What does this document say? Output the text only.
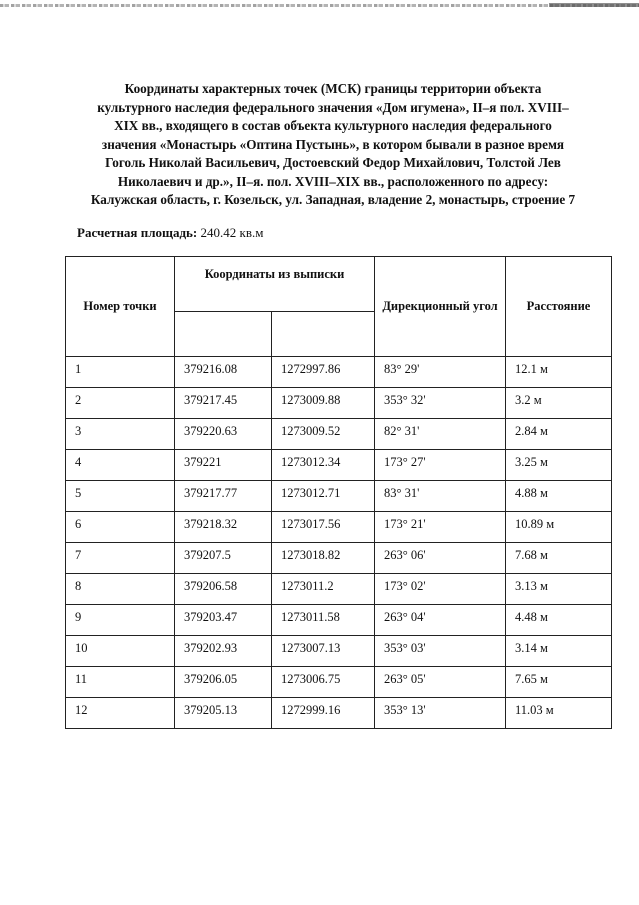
Координаты характерных точек (МСК) границы территории объекта
культурного наследия федерального значения «Дом игумена», II–я пол. XVIII–
XIX вв., входящего в состав объекта культурного наследия федерального
значения «Монастырь «Оптина Пустынь», в котором бывали в разное время
Гоголь Николай Васильевич, Достоевский Федор Михайлович, Толстой Лев
Николаевич и др.», II–я. пол. XVIII–XIX вв., расположенного по адресу:
Калужская область, г. Козельск, ул. Западная, владение 2, монастырь, строение 7
Расчетная площадь: 240.42 кв.м
Номер точки	Координаты из выписки		Дирекционный угол	Расстояние

1	379216.08	1272997.86	83° 29'	12.1 м
2	379217.45	1273009.88	353° 32'	3.2 м
3	379220.63	1273009.52	82° 31'	2.84 м
4	379221	1273012.34	173° 27'	3.25 м
5	379217.77	1273012.71	83° 31'	4.88 м
6	379218.32	1273017.56	173° 21'	10.89 м
7	379207.5	1273018.82	263° 06'	7.68 м
8	379206.58	1273011.2	173° 02'	3.13 м
9	379203.47	1273011.58	263° 04'	4.48 м
10	379202.93	1273007.13	353° 03'	3.14 м
11	379206.05	1273006.75	263° 05'	7.65 м
12	379205.13	1272999.16	353° 13'	11.03 м
